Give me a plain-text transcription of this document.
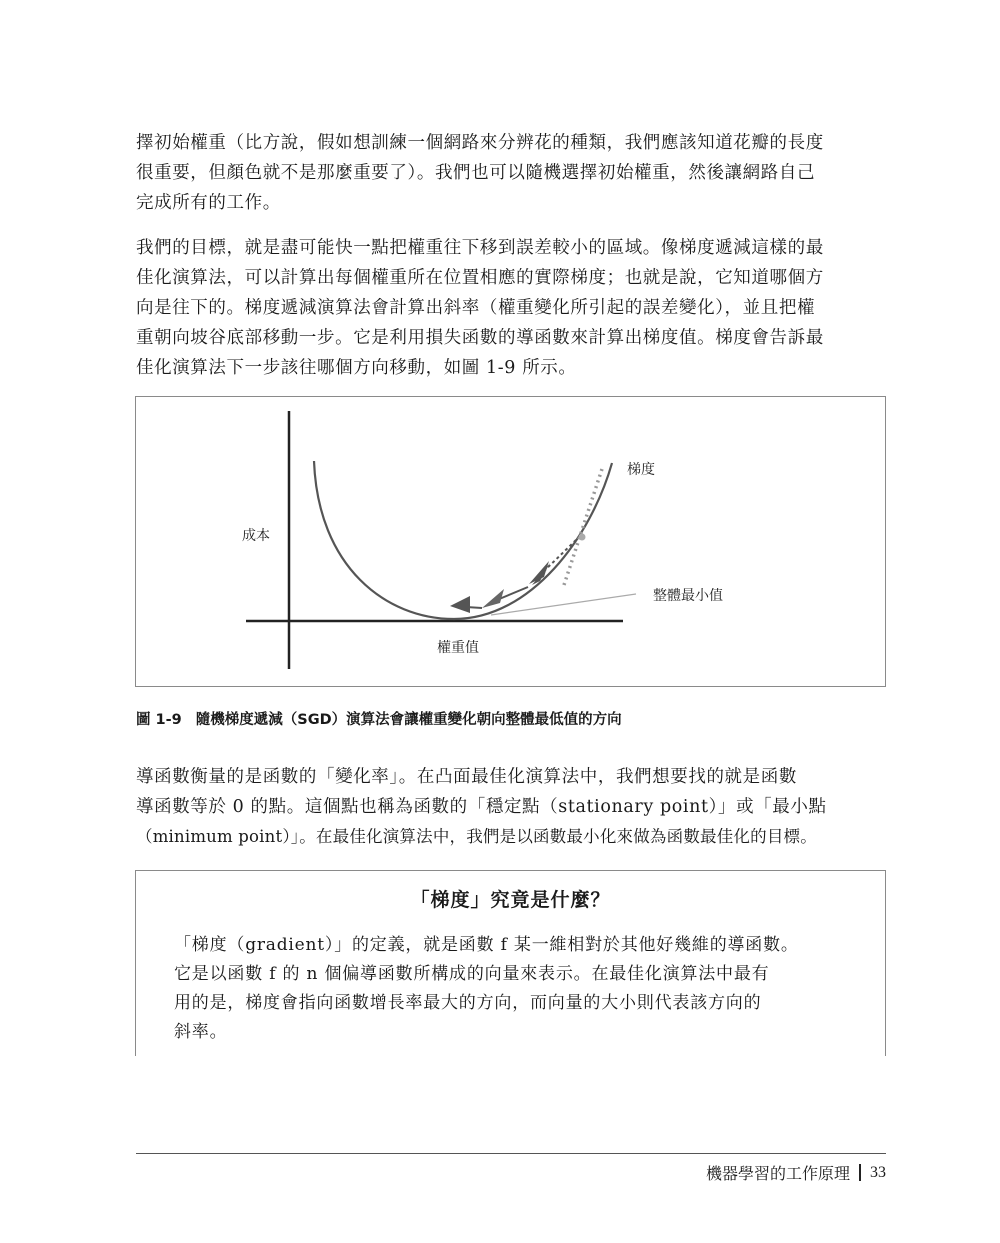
擇初始權重（比方說，假如想訓練一個網路來分辨花的種類，我們應該知道花瓣的長度
很重要，但顏色就不是那麼重要了）。我們也可以隨機選擇初始權重，然後讓網路自己
完成所有的工作。
我們的目標，就是盡可能快一點把權重往下移到誤差較小的區域。像梯度遞減這樣的最
佳化演算法，可以計算出每個權重所在位置相應的實際梯度；也就是說，它知道哪個方
向是往下的。梯度遞減演算法會計算出斜率（權重變化所引起的誤差變化），並且把權
重朝向坡谷底部移動一步。它是利用損失函數的導函數來計算出梯度值。梯度會告訴最
佳化演算法下一步該往哪個方向移動，如圖 1-9 所示。
成本
梯度
整體最小值
權重值
圖 1-9 隨機梯度遞減（SGD）演算法會讓權重變化朝向整體最低值的方向
導函數衡量的是函數的「變化率」。在凸面最佳化演算法中，我們想要找的就是函數
導函數等於 0 的點。這個點也稱為函數的「穩定點（stationary point）」或「最小點
（minimum point）」。在最佳化演算法中，我們是以函數最小化來做為函數最佳化的目標。
「梯度」究竟是什麼？
「梯度（gradient）」的定義，就是函數 f 某一維相對於其他好幾維的導函數。
它是以函數 f 的 n 個偏導函數所構成的向量來表示。在最佳化演算法中最有
用的是，梯度會指向函數增長率最大的方向，而向量的大小則代表該方向的
斜率。
機器學習的工作原理 33
